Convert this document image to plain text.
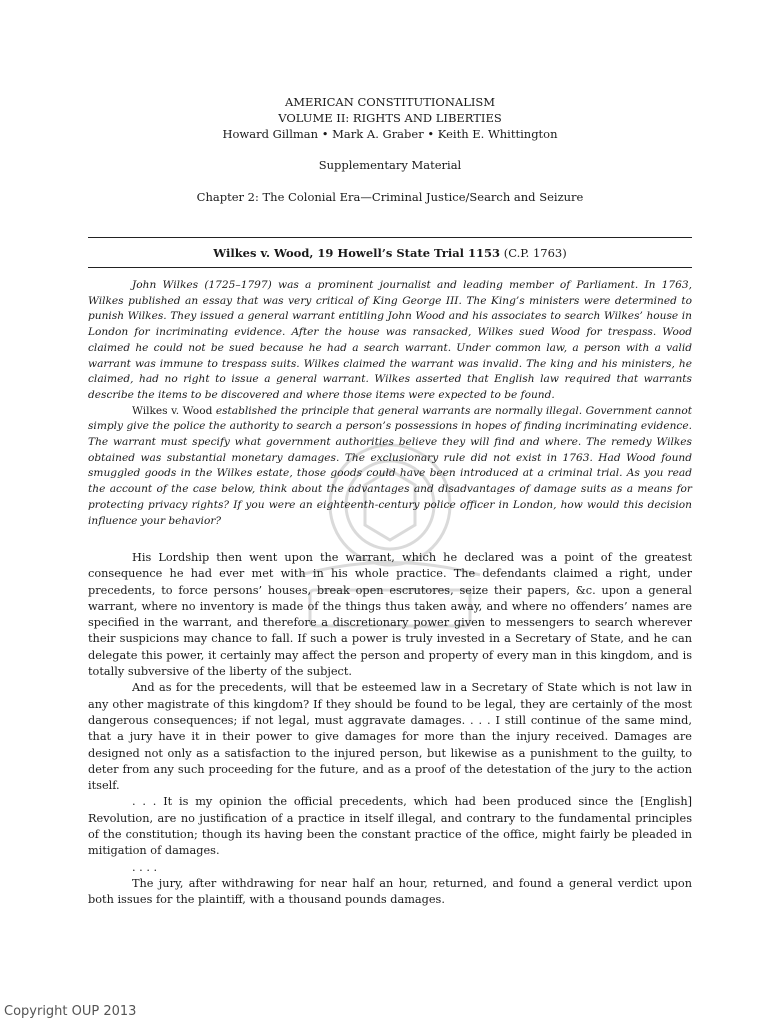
AMERICAN CONSTITUTIONALISM
VOLUME II: RIGHTS AND LIBERTIES
Howard Gillman • Mark A. Graber • Keith E. Whittington
Supplementary Material
Chapter 2: The Colonial Era—Criminal Justice/Search and Seizure
Wilkes v. Wood, 19 Howell’s State Trial 1153 (C.P. 1763)

John Wilkes (1725–1797) was a prominent journalist and leading member of Parliament. In 1763, Wilkes published an essay that was very critical of King George III. The King’s ministers were determined to punish Wilkes. They issued a general warrant entitling John Wood and his associates to search Wilkes’ house in London for incriminating evidence. After the house was ransacked, Wilkes sued Wood for trespass. Wood claimed he could not be sued because he had a search warrant. Under common law, a person with a valid warrant was immune to trespass suits. Wilkes claimed the warrant was invalid. The king and his ministers, he claimed, had no right to issue a general warrant. Wilkes asserted that English law required that warrants describe the items to be discovered and where those items were expected to be found.

Wilkes v. Wood established the principle that general warrants are normally illegal. Government cannot simply give the police the authority to search a person’s possessions in hopes of finding incriminating evidence. The warrant must specify what government authorities believe they will find and where. The remedy Wilkes obtained was substantial monetary damages. The exclusionary rule did not exist in 1763. Had Wood found smuggled goods in the Wilkes estate, those goods could have been introduced at a criminal trial. As you read the account of the case below, think about the advantages and disadvantages of damage suits as a means for protecting privacy rights? If you were an eighteenth-century police officer in London, how would this decision influence your behavior?

His Lordship then went upon the warrant, which he declared was a point of the greatest consequence he had ever met with in his whole practice. The defendants claimed a right, under precedents, to force persons’ houses, break open escrutores, seize their papers, &c. upon a general warrant, where no inventory is made of the things thus taken away, and where no offenders’ names are specified in the warrant, and therefore a discretionary power given to messengers to search wherever their suspicions may chance to fall. If such a power is truly invested in a Secretary of State, and he can delegate this power, it certainly may affect the person and property of every man in this kingdom, and is totally subversive of the liberty of the subject.

And as for the precedents, will that be esteemed law in a Secretary of State which is not law in any other magistrate of this kingdom? If they should be found to be legal, they are certainly of the most dangerous consequences; if not legal, must aggravate damages. . . . I still continue of the same mind, that a jury have it in their power to give damages for more than the injury received. Damages are designed not only as a satisfaction to the injured person, but likewise as a punishment to the guilty, to deter from any such proceeding for the future, and as a proof of the detestation of the jury to the action itself.

. . . It is my opinion the official precedents, which had been produced since the [English] Revolution, are no justification of a practice in itself illegal, and contrary to the fundamental principles of the constitution; though its having been the constant practice of the office, might fairly be pleaded in mitigation of damages.

. . . .

The jury, after withdrawing for near half an hour, returned, and found a general verdict upon both issues for the plaintiff, with a thousand pounds damages.

Copyright OUP 2013
